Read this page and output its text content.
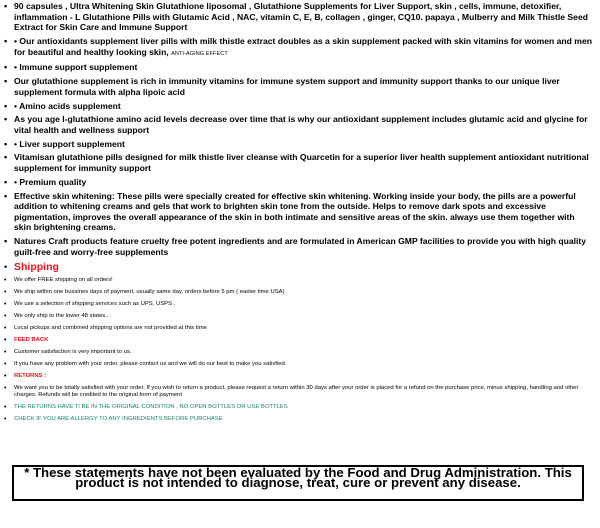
• 90 capsules , Ultra Whitening Skin Glutathione liposomal , Glutathione Supplements for Liver Support, skin , cells, immune, detoxifier, inflammation - L Glutathione Pills with Glutamic Acid , NAC, vitamin C, E, B, collagen , ginger, CQ10. papaya , Mulberry and Milk Thistle Seed Extract for Skin Care and Immune Support
• • Our antioxidants supplement liver pills with milk thistle extract doubles as a skin supplement packed with skin vitamins for women and men for beautiful and healthy looking skin, ANTI-AGING EFFECT
• • Immune support supplement
• Our glutathione supplement is rich in immunity vitamins for immune system support and immunity support thanks to our unique liver supplement formula with alpha lipoic acid
• • Amino acids supplement
• As you age l-glutathione amino acid levels decrease over time that is why our antioxidant supplement includes glutamic acid and glycine for vital health and wellness support
• • Liver support supplement
• Vitamisan glutathione pills designed for milk thistle liver cleanse with Quarcetin for a superior liver health supplement antioxidant nutritional supplement for immunity support
• • Premium quality
• Effective skin whitening: These pills were specially created for effective skin whitening. Working inside your body, the pills are a powerful addition to whitening creams and gels that work to brighten skin tone from the outside. Helps to remove dark spots and excessive pigmentation, improves the overall appearance of the skin in both intimate and sensitive areas of the skin. always use them together with skin brightening creams.
• Natures Craft products feature cruelty free potent ingredients and are formulated in American GMP facilities to provide you with high quality guilt-free and worry-free supplements
• Shipping
• We offer FREE shipping on all orders!
• We ship within one bussines days of payment, usually same day, orders before 5 pm ( easter time USA)
• We use a selection of shipping services such as UPS, USPS .
• We only ship to the lower 48 states..
• Local pickups and combined shipping options are not provided at this time
• FEED BACK
• Customer satisfaction is very important to us.
• If you have any problem with your order, please contact us and we will do our best to make you satisfied.
• RETURNS :
• We want you to be totally satisfied with your order. If you wish to return a product, please request a return within 30 days after your order is placed for a refund on the purchase price, minus shipping, handling and other charges. Refunds will be credited to the original form of payment
• THE RETURNS HAVE TI BE IN THE ORIGINAL CONDITION , NO OPEN BOTTLES OR USE BOTTLES
• CHECK IF YOU ARE ALLERGY TO ANY INGREDIENTS BEFORE PURCHASE
* These statements have not been evaluated by the Food and Drug Administration. This product is not intended to diagnose, treat, cure or prevent any disease.
